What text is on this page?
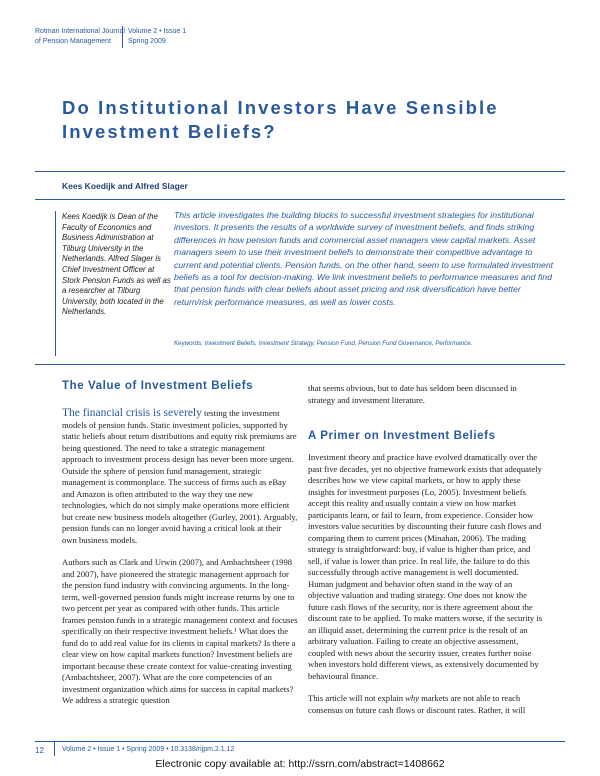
Rotman International Journal
of Pension Management
Volume 2 • Issue 1
Spring 2009
Do Institutional Investors Have Sensible Investment Beliefs?
Kees Koedijk and Alfred Slager
Kees Koedijk is Dean of the Faculty of Economics and Business Administration at Tilburg University in the Netherlands. Alfred Slager is Chief Investment Officer at Stork Pension Funds as well as a researcher at Tilburg University, both located in the Netherlands.
This article investigates the building blocks to successful investment strategies for institutional investors. It presents the results of a worldwide survey of investment beliefs, and finds striking differences in how pension funds and commercial asset managers view capital markets. Asset managers seem to use their investment beliefs to demonstrate their competitive advantage to current and potential clients. Pension funds, on the other hand, seem to use formulated investment beliefs as a tool for decision-making. We link investment beliefs to performance measures and find that pension funds with clear beliefs about asset pricing and risk diversification have better return/risk performance measures, as well as lower costs.
Keywords: Investment Beliefs, Investment Strategy, Pension Fund, Pension Fund Governance, Performance.
The Value of Investment Beliefs

The financial crisis is severely testing the investment models of pension funds. Static investment policies, supported by static beliefs about return distributions and equity risk premiums are being questioned. The need to take a strategic management approach to investment process design has never been more urgent. Outside the sphere of pension fund management, strategic management is commonplace. The success of firms such as eBay and Amazon is often attributed to the way they use new technologies, which do not simply make operations more efficient but create new business models altogether (Gurley, 2001). Arguably, pension funds can no longer avoid having a critical look at their own business models.

Authors such as Clark and Urwin (2007), and Ambachtsheer (1998 and 2007), have pioneered the strategic management approach for the pension fund industry with convincing arguments. In the long-term, well-governed pension funds might increase returns by one to two percent per year as compared with other funds. This article frames pension funds in a strategic management context and focuses specifically on their respective investment beliefs.¹ What does the fund do to add real value for its clients in capital markets? Is there a clear view on how capital markets function? Investment beliefs are important because these create context for value-creating investing (Ambachtsheer, 2007). What are the core competencies of an investment organization which aims for success in capital markets? We address a strategic question

that seems obvious, but to date has seldom been discussed in strategy and investment literature.

A Primer on Investment Beliefs

Investment theory and practice have evolved dramatically over the past five decades, yet no objective framework exists that adequately describes how we view capital markets, or how to apply these insights for investment purposes (Lo, 2005). Investment beliefs accept this reality and usually contain a view on how market participants learn, or fail to learn, from experience. Consider how investors value securities by discounting their future cash flows and comparing them to current prices (Minahan, 2006). The trading strategy is straightforward: buy, if value is higher than price, and sell, if value is lower than price. In real life, the failure to do this successfully through active management is well documented. Human judgment and behavior often stand in the way of an objective valuation and trading strategy. One does not know the future cash flows of the security, nor is there agreement about the discount rate to be applied. To make matters worse, if the security is an illiquid asset, determining the current price is the result of an arbitrary valuation. Failing to create an objective assessment, coupled with news about the security issuer, creates further noise when investors hold different views, as extensively documented by behavioural finance.

This article will not explain why markets are not able to reach consensus on future cash flows or discount rates. Rather, it will

12	Volume 2 • Issue 1 • Spring 2009 • 10.3138/rijpm.2.1.12
Electronic copy available at: http://ssrn.com/abstract=1408662
